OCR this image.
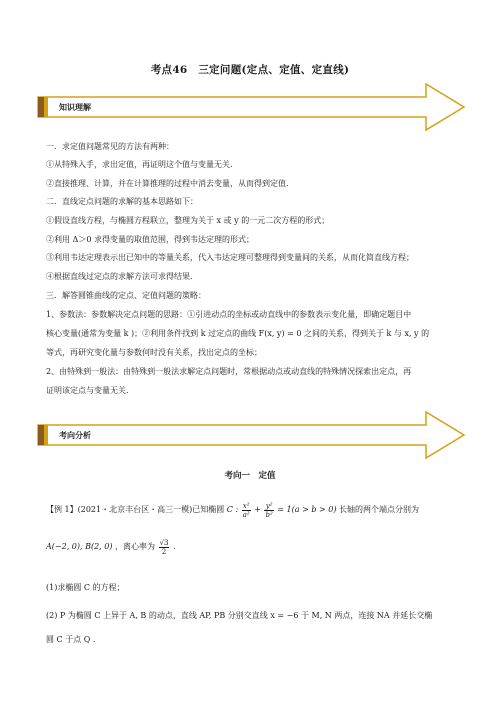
考点46　三定问题(定点、定值、定直线)
知识理解
一．求定值问题常见的方法有两种：
①从特殊入手，求出定值，再证明这个值与变量无关.
②直接推理、计算，并在计算推理的过程中消去变量，从而得到定值.
二．直线定点问题的求解的基本思路如下：
①假设直线方程，与椭圆方程联立，整理为关于 x 或 y 的一元二次方程的形式；
②利用 Δ＞0 求得变量的取值范围，得到韦达定理的形式；
③利用韦达定理表示出已知中的等量关系，代入韦达定理可整理得到变量间的关系，从而化简直线方程；
④根据直线过定点的求解方法可求得结果.
三．解答圆锥曲线的定点、定值问题的策略：
1、参数法：参数解决定点问题的思路：①引进动点的坐标或动直线中的参数表示变化量，即确定题目中
核心变量(通常为变量 k )；②利用条件找到 k 过定点的曲线 F(x, y) = 0 之间的关系，得到关于 k 与 x, y 的
等式，再研究变化量与参数何时没有关系，找出定点的坐标；
2、由特殊到一般法：由特殊到一般法求解定点问题时，常根据动点或动直线的特殊情况探索出定点，再
证明该定点与变量无关.
考向分析
考向一　定值
【例 1】(2021・北京丰台区・高三一模)已知椭圆 C : $\frac{\text{x²}}{\text{a²}} + \frac{\text{y²}}{\text{b²}} = 1(a > b > 0)$ 长轴的两个端点分别为
A(−2, 0), B(2, 0) ，离心率为 $\frac{√3}{2}$ .
(1)求椭圆 C 的方程；
(2) P 为椭圆 C 上异于 A, B 的动点，直线 AP, PB 分别交直线 x = −6 于 M, N 两点，连接 NA 并延长交椭
圆 C 于点 Q .
